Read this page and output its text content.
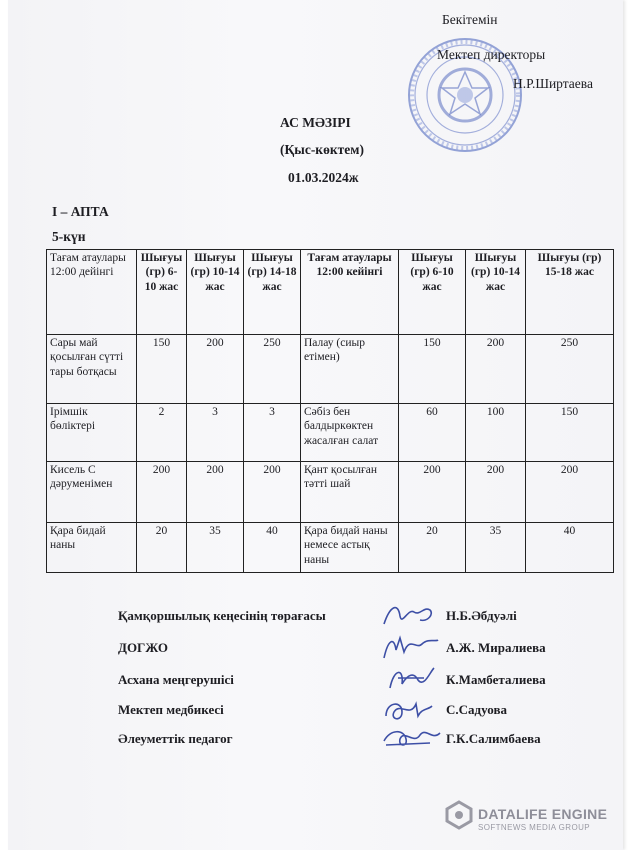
Бекітемін
Мектеп директоры
Н.Р.Ширтаева
АС МӘЗІРІ
(Қыс-көктем)
01.03.2024ж
I – АПТА
5-күн
Тағам атаулары 12:00 дейінгі	Шығуы (гр) 6-10 жас	Шығуы (гр) 10-14 жас	Шығуы (гр) 14-18 жас	Тағам атаулары 12:00 кейінгі	Шығуы (гр) 6-10 жас	Шығуы (гр) 10-14 жас	Шығуы (гр) 15-18 жас
Сары май қосылған сүтті тары ботқасы	150	200	250	Палау (сиыр етімен)	150	200	250
Ірімшік бөліктері	2	3	3	Сәбіз бен балдыркөктен жасалған салат	60	100	150
Кисель С дәруменімен	200	200	200	Қант қосылған тәтті шай	200	200	200
Қара бидай наны	20	35	40	Қара бидай наны немесе астық наны	20	35	40
Қамқоршылық кеңесінің төрағасы	Н.Б.Әбдуәлі
ДОГЖО	А.Ж. Миралиева
Асхана меңгерушісі	К.Мамбеталиева
Мектеп медбикесі	С.Садуова
Әлеуметтік педагог	Г.К.Салимбаева
DATALIFE ENGINE
SOFTNEWS MEDIA GROUP
